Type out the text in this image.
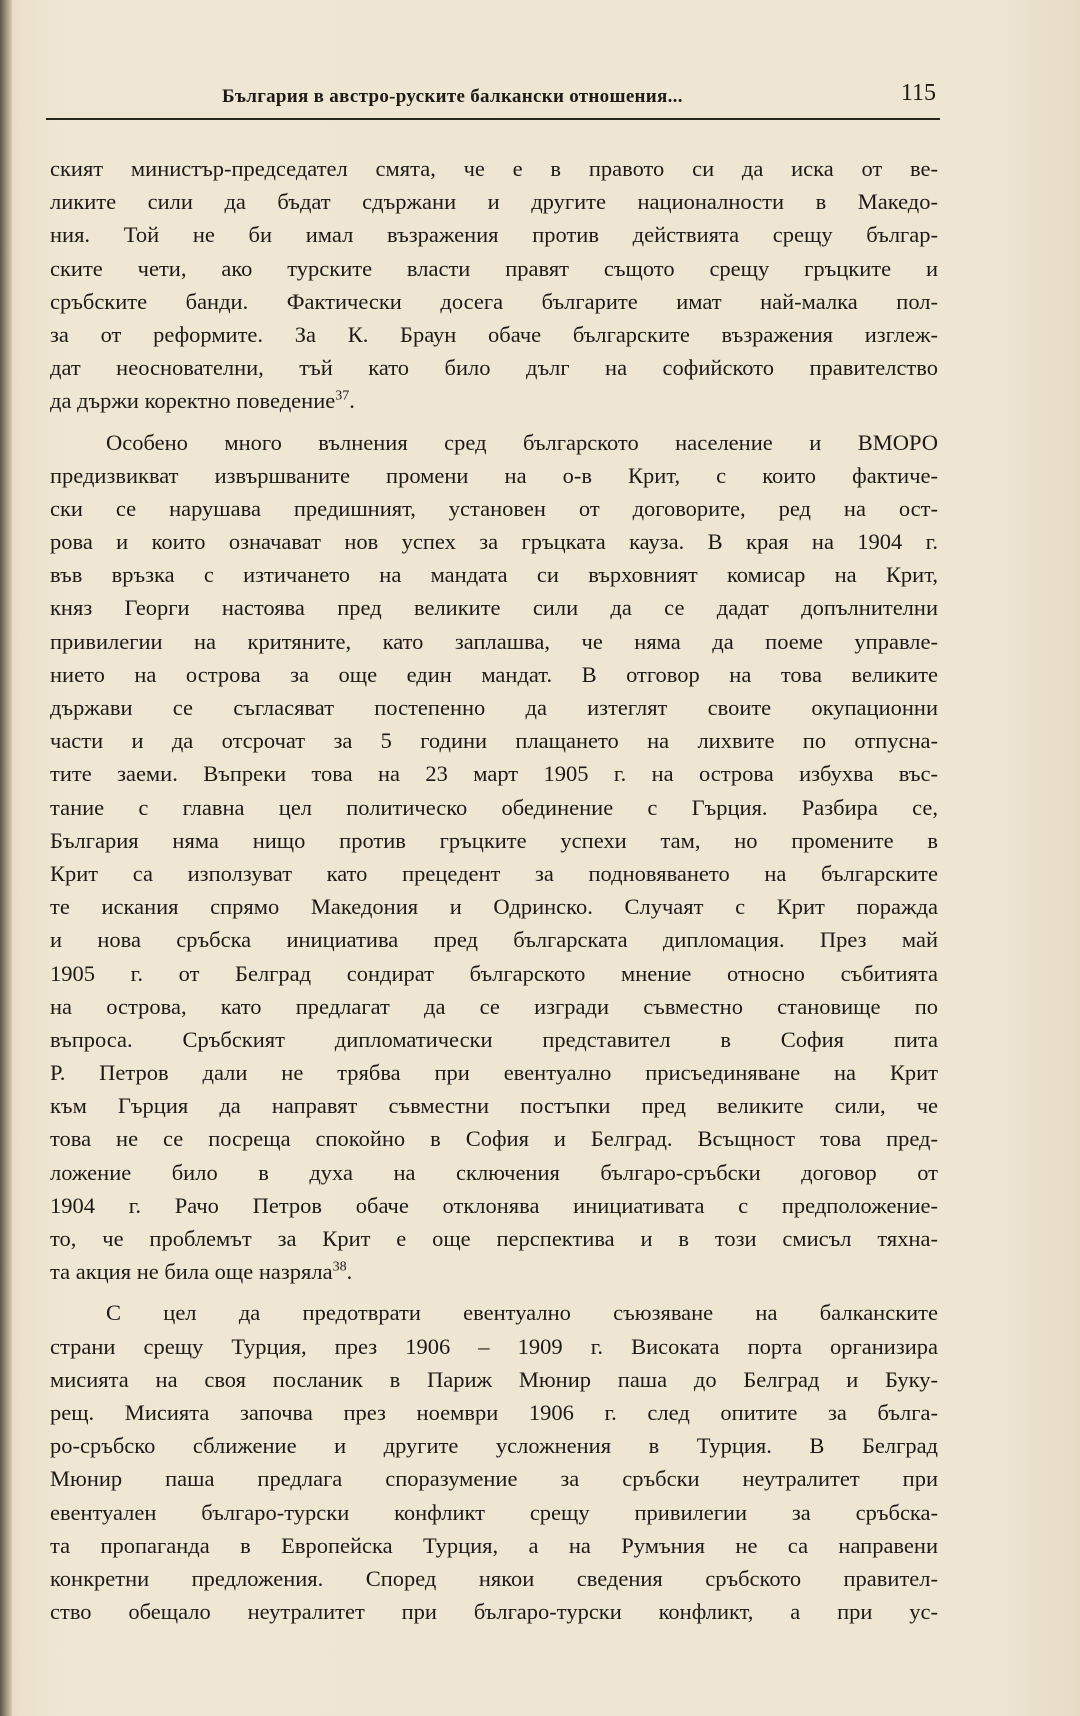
България в австро-руските балкански отношения...	115
ският министър-председател смята, че е в правото си да иска от ве-
ликите сили да бъдат сдържани и другите националности в Македо-
ния. Той не би имал възражения против действията срещу българ-
ските чети, ако турските власти правят същото срещу гръцките и
сръбските банди. Фактически досега българите имат най-малка пол-
за от реформите. За К. Браун обаче българските възражения изглеж-
дат неоснователни, тъй като било дълг на софийското правителство
да държи коректно поведение$^{37}$.
Особено много вълнения сред българското население и ВМОРО
предизвикват извършваните промени на о-в Крит, с които фактиче-
ски се нарушава предишният, установен от договорите, ред на ост-
рова и които означават нов успех за гръцката кауза. В края на 1904 г.
във връзка с изтичането на мандата си върховният комисар на Крит,
княз Георги настоява пред великите сили да се дадат допълнителни
привилегии на критяните, като заплашва, че няма да поеме управле-
нието на острова за още един мандат. В отговор на това великите
държави се съгласяват постепенно да изтеглят своите окупационни
части и да отсрочат за 5 години плащането на лихвите по отпусна-
тите заеми. Въпреки това на 23 март 1905 г. на острова избухва въс-
тание с главна цел политическо обединение с Гърция. Разбира се,
България няма нищо против гръцките успехи там, но промените в
Крит са използуват като прецедент за подновяването на българските
те искания спрямо Македония и Одринско. Случаят с Крит поражда
и нова сръбска инициатива пред българската дипломация. През май
1905 г. от Белград сондират българското мнение относно събитията
на острова, като предлагат да се изгради съвместно становище по
въпроса. Сръбският дипломатически представител в София пита
Р. Петров дали не трябва при евентуално присъединяване на Крит
към Гърция да направят съвместни постъпки пред великите сили, че
това не се посреща спокойно в София и Белград. Всъщност това пред-
ложение било в духа на сключения българо-сръбски договор от
1904 г. Рачо Петров обаче отклонява инициативата с предположение-
то, че проблемът за Крит е още перспектива и в този смисъл тяхна-
та акция не била още назряла$^{38}$.
С цел да предотврати евентуално съюзяване на балканските
страни срещу Турция, през 1906 – 1909 г. Високата порта организира
мисията на своя посланик в Париж Мюнир паша до Белград и Буку-
рещ. Мисията започва през ноември 1906 г. след опитите за бълга-
ро-сръбско сближение и другите усложнения в Турция. В Белград
Мюнир паша предлага споразумение за сръбски неутралитет при
евентуален българо-турски конфликт срещу привилегии за сръбска-
та пропаганда в Европейска Турция, а на Румъния не са направени
конкретни предложения. Според някои сведения сръбското правител-
ство обещало неутралитет при българо-турски конфликт, а при ус-
